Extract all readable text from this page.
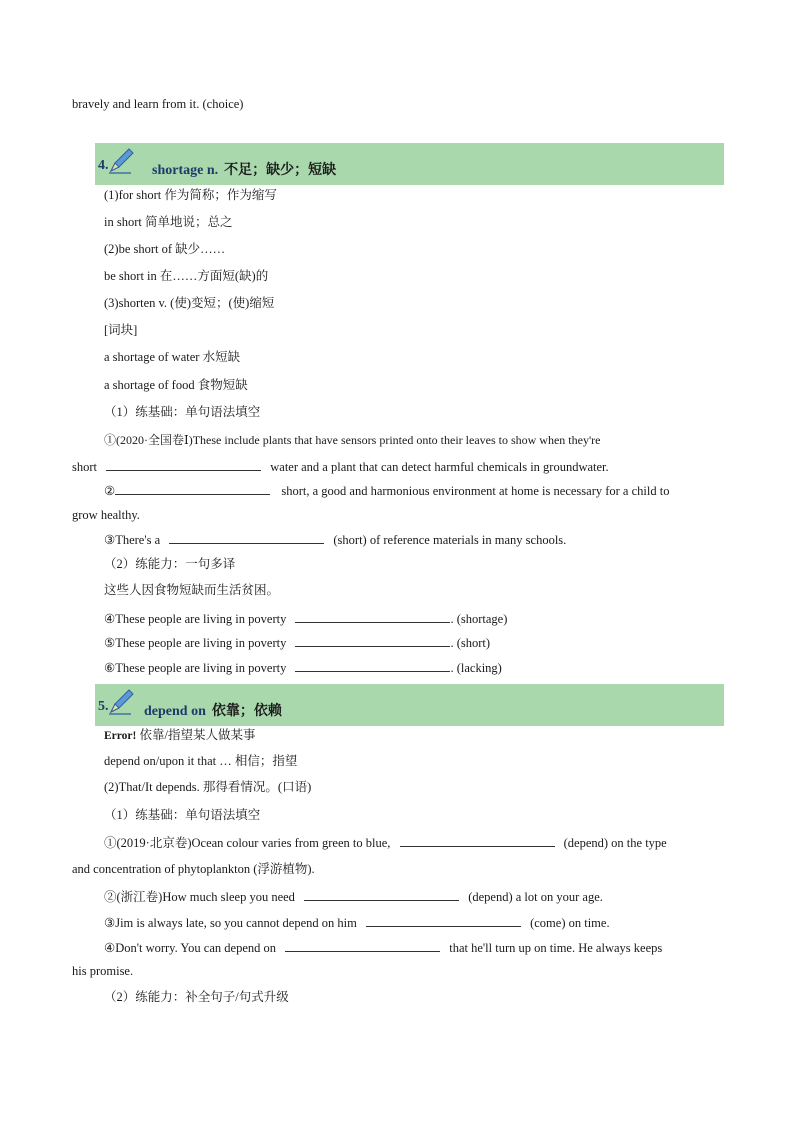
bravely and learn from it. (choice)
4.	shortage n. 不足；缺少；短缺
(1)for short 作为简称；作为缩写
in short 简单地说；总之
(2)be short of 缺少……
be short in 在……方面短(缺)的
(3)shorten v. (使)变短；(使)缩短
[词块]
a shortage of water 水短缺
a shortage of food 食物短缺
（1）练基础：单句语法填空
①(2020·全国卷Ⅰ)These include plants that have sensors printed onto their leaves to show when they're
short	water and a plant that can detect harmful chemicals in groundwater.
②	short, a good and harmonious environment at home is necessary for a child to
grow healthy.
③There's a	(short) of reference materials in many schools.
（2）练能力：一句多译
这些人因食物短缺而生活贫困。
④These people are living in poverty	. (shortage)
⑤These people are living in poverty	. (short)
⑥These people are living in poverty	. (lacking)
5.	depend on 依靠；依赖
Error! 依靠/指望某人做某事
depend on/upon it that … 相信；指望
(2)That/It depends. 那得看情况。(口语)
（1）练基础：单句语法填空
①(2019·北京卷)Ocean colour varies from green to blue,	(depend) on the type
and concentration of phytoplankton (浮游植物).
②(浙江卷)How much sleep you need	(depend) a lot on your age.
③Jim is always late, so you cannot depend on him	(come) on time.
④Don't worry. You can depend on	that he'll turn up on time. He always keeps
his promise.
（2）练能力：补全句子/句式升级
